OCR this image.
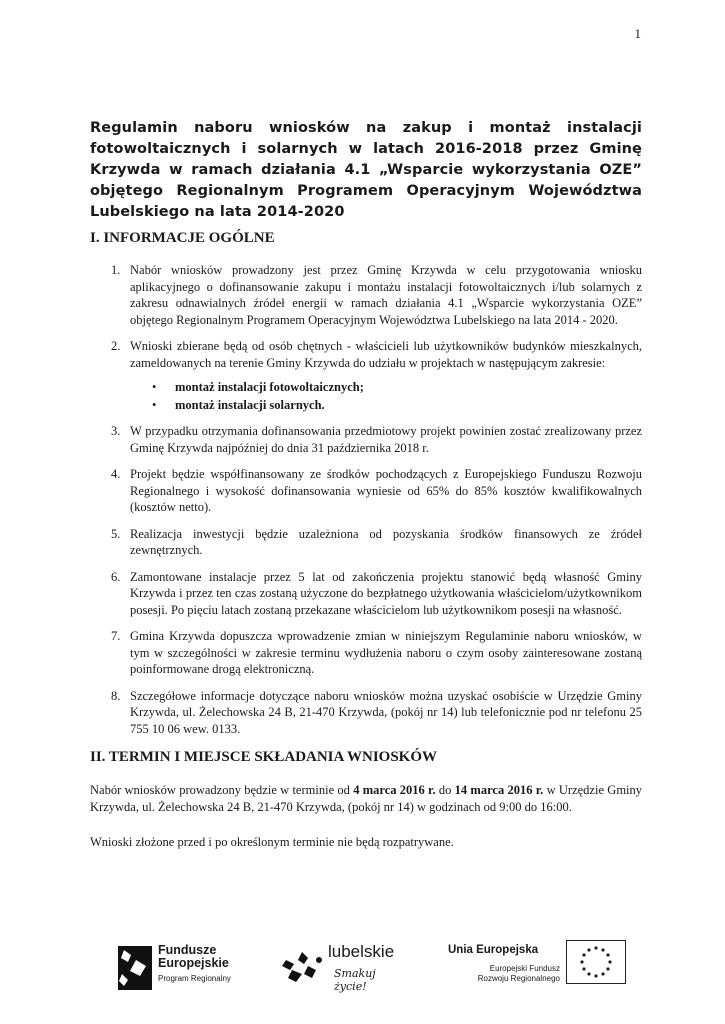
1
Regulamin naboru wniosków na zakup i montaż instalacji fotowoltaicznych i solarnych w latach 2016-2018 przez Gminę Krzywda w ramach działania 4.1 „Wsparcie wykorzystania OZE” objętego Regionalnym Programem Operacyjnym Województwa Lubelskiego na lata 2014-2020
I. INFORMACJE OGÓLNE
1. Nabór wniosków prowadzony jest przez Gminę Krzywda w celu przygotowania wniosku aplikacyjnego o dofinansowanie zakupu i montażu instalacji fotowoltaicznych i/lub solarnych z zakresu odnawialnych źródeł energii w ramach działania 4.1 „Wsparcie wykorzystania OZE” objętego Regionalnym Programem Operacyjnym Województwa Lubelskiego na lata 2014 - 2020.
2. Wnioski zbierane będą od osób chętnych - właścicieli lub użytkowników budynków mieszkalnych, zameldowanych na terenie Gminy Krzywda do udziału w projektach w następującym zakresie:
• montaż instalacji fotowoltaicznych;
• montaż instalacji solarnych.
3. W przypadku otrzymania dofinansowania przedmiotowy projekt powinien zostać zrealizowany przez Gminę Krzywda najpóźniej do dnia 31 października 2018 r.
4. Projekt będzie współfinansowany ze środków pochodzących z Europejskiego Funduszu Rozwoju Regionalnego i wysokość dofinansowania wyniesie od 65% do 85% kosztów kwalifikowalnych (kosztów netto).
5. Realizacja inwestycji będzie uzależniona od pozyskania środków finansowych ze źródeł zewnętrznych.
6. Zamontowane instalacje przez 5 lat od zakończenia projektu stanowić będą własność Gminy Krzywda i przez ten czas zostaną użyczone do bezpłatnego użytkowania właścicielom/użytkownikom posesji. Po pięciu latach zostaną przekazane właścicielom lub użytkownikom posesji na własność.
7. Gmina Krzywda dopuszcza wprowadzenie zmian w niniejszym Regulaminie naboru wniosków, w tym w szczególności w zakresie terminu wydłużenia naboru o czym osoby zainteresowane zostaną poinformowane drogą elektroniczną.
8. Szczegółowe informacje dotyczące naboru wniosków można uzyskać osobiście w Urzędzie Gminy Krzywda, ul. Żelechowska 24 B, 21-470 Krzywda, (pokój nr 14) lub telefonicznie pod nr telefonu 25 755 10 06 wew. 0133.
II. TERMIN I MIEJSCE SKŁADANIA WNIOSKÓW

Nabór wniosków prowadzony będzie w terminie od 4 marca 2016 r. do 14 marca 2016 r. w Urzędzie Gminy Krzywda, ul. Żelechowska 24 B, 21-470 Krzywda, (pokój nr 14) w godzinach od 9:00 do 16:00.

Wnioski złożone przed i po określonym terminie nie będą rozpatrywane.

Fundusze
Europejskie
Program Regionalny
lubelskie
Smakuj życie!
Unia Europejska
Europejski Fundusz
Rozwoju Regionalnego
